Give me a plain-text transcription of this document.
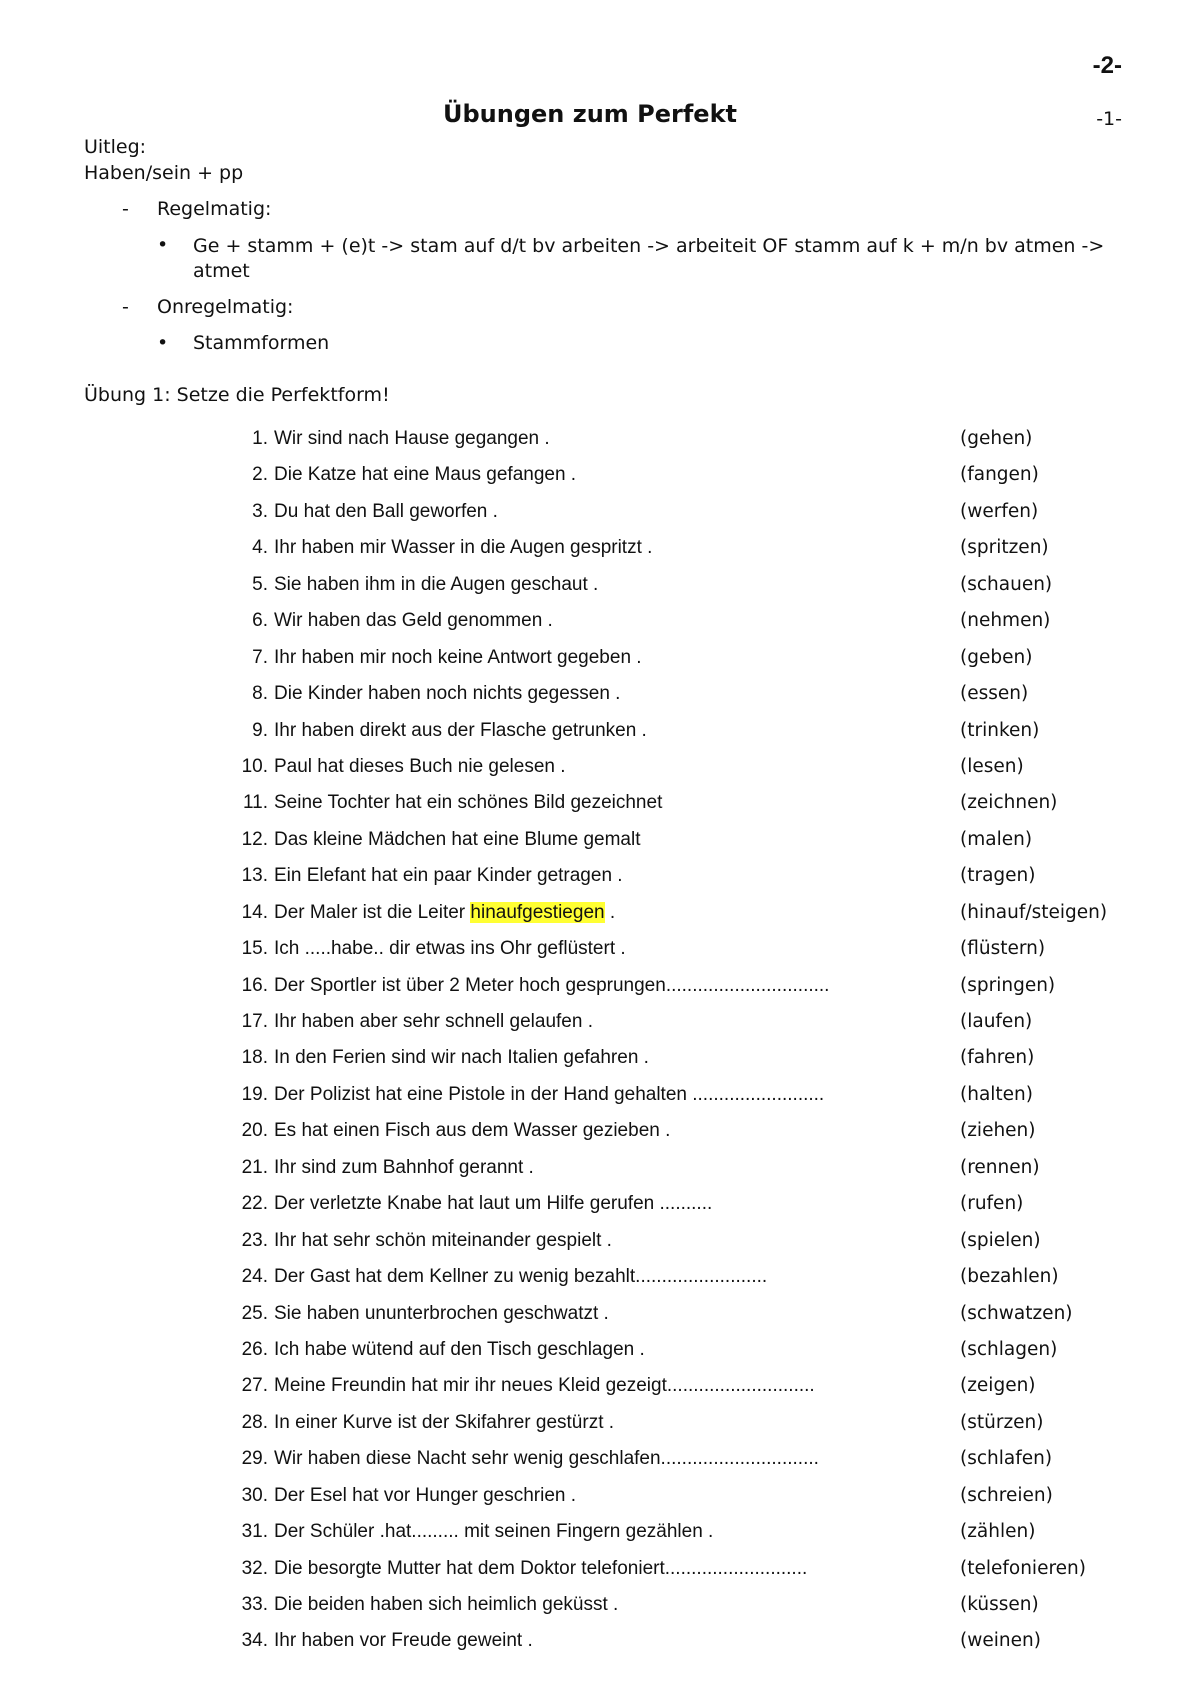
-2-
Übungen zum Perfekt	-1-
Uitleg:
Haben/sein + pp
- Regelmatig:
• Ge + stamm + (e)t -> stam auf d/t bv arbeiten -> arbeiteit OF stamm auf k + m/n bv atmen -> atmet
- Onregelmatig:
• Stammformen
Übung 1: Setze die Perfektform!
1. Wir sind nach Hause gegangen .	(gehen)
2. Die Katze hat eine Maus gefangen .	(fangen)
3. Du hat den Ball geworfen .	(werfen)
4. Ihr haben mir Wasser in die Augen gespritzt .	(spritzen)
5. Sie haben ihm in die Augen geschaut .	(schauen)
6. Wir haben das Geld genommen .	(nehmen)
7. Ihr haben mir noch keine Antwort gegeben .	(geben)
8. Die Kinder haben noch nichts gegessen .	(essen)
9. Ihr haben direkt aus der Flasche getrunken .	(trinken)
10. Paul hat dieses Buch nie gelesen .	(lesen)
11. Seine Tochter hat ein schönes Bild gezeichnet	(zeichnen)
12. Das kleine Mädchen hat eine Blume gemalt	(malen)
13. Ein Elefant hat ein paar Kinder getragen .	(tragen)
14. Der Maler ist die Leiter hinaufgestiegen .	(hinauf/steigen)
15. Ich .....habe.. dir etwas ins Ohr geflüstert .	(flüstern)
16. Der Sportler ist über 2 Meter hoch gesprungen...............................	(springen)
17. Ihr haben aber sehr schnell gelaufen .	(laufen)
18. In den Ferien sind wir nach Italien gefahren .	(fahren)
19. Der Polizist hat eine Pistole in der Hand gehalten .........................	(halten)
20. Es hat einen Fisch aus dem Wasser gezieben .	(ziehen)
21. Ihr sind zum Bahnhof gerannt .	(rennen)
22. Der verletzte Knabe hat laut um Hilfe gerufen ..........	(rufen)
23. Ihr hat sehr schön miteinander gespielt .	(spielen)
24. Der Gast hat dem Kellner zu wenig bezahlt.........................	(bezahlen)
25. Sie haben ununterbrochen geschwatzt .	(schwatzen)
26. Ich habe wütend auf den Tisch geschlagen .	(schlagen)
27. Meine Freundin hat mir ihr neues Kleid gezeigt............................	(zeigen)
28. In einer Kurve ist der Skifahrer gestürzt .	(stürzen)
29. Wir haben diese Nacht sehr wenig geschlafen..............................	(schlafen)
30. Der Esel hat vor Hunger geschrien .	(schreien)
31. Der Schüler .hat......... mit seinen Fingern gezählen .	(zählen)
32. Die besorgte Mutter hat dem Doktor telefoniert...........................	(telefonieren)
33. Die beiden haben sich heimlich geküsst .	(küssen)
34. Ihr haben vor Freude geweint .	(weinen)
